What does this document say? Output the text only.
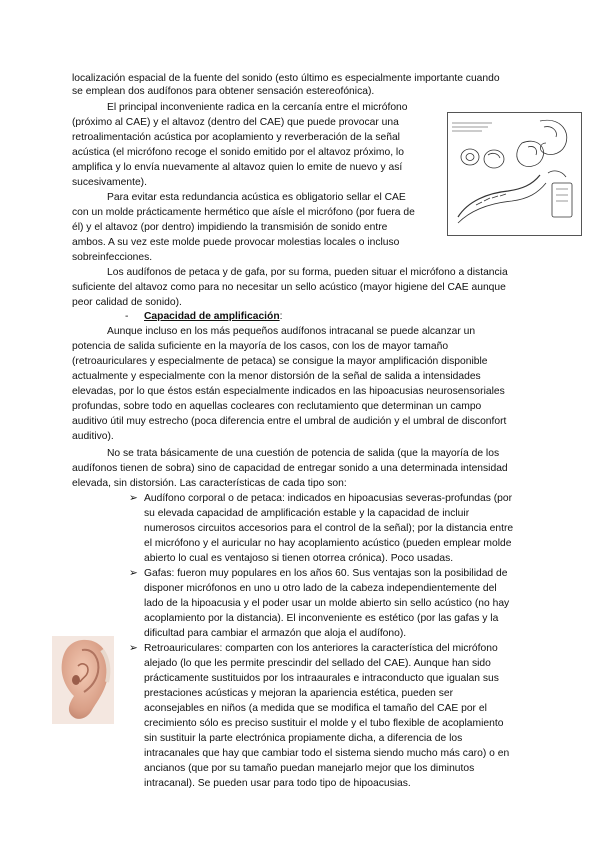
localización espacial de la fuente del sonido (esto último es especialmente importante cuando
se emplean dos audífonos para obtener sensación estereofónica).
El principal inconveniente radica en la cercanía entre el micrófono
(próximo al CAE) y el altavoz (dentro del CAE) que puede provocar una
retroalimentación acústica por acoplamiento y reverberación de la señal
acústica (el micrófono recoge el sonido emitido por el altavoz próximo, lo
amplifica y lo envía nuevamente al altavoz quien lo emite de nuevo y así
sucesivamente).
Para evitar esta redundancia acústica es obligatorio sellar el CAE
con un molde prácticamente hermético que aísle el micrófono (por fuera de
él) y el altavoz (por dentro) impidiendo la transmisión de sonido entre
ambos. A su vez este molde puede provocar molestias locales o incluso
sobreinfecciones.
Los audífonos de petaca y de gafa, por su forma, pueden situar el micrófono a distancia
suficiente del altavoz como para no necesitar un sello acústico (mayor higiene del CAE aunque
peor calidad de sonido).
- Capacidad de amplificación:
Aunque incluso en los más pequeños audífonos intracanal se puede alcanzar un
potencia de salida suficiente en la mayoría de los casos, con los de mayor tamaño
(retroauriculares y especialmente de petaca) se consigue la mayor amplificación disponible
actualmente y especialmente con la menor distorsión de la señal de salida a intensidades
elevadas, por lo que éstos están especialmente indicados en las hipoacusias neurosensoriales
profundas, sobre todo en aquellas cocleares con reclutamiento que determinan un campo
auditivo útil muy estrecho (poca diferencia entre el umbral de audición y el umbral de disconfort
auditivo).
No se trata básicamente de una cuestión de potencia de salida (que la mayoría de los
audífonos tienen de sobra) sino de capacidad de entregar sonido a una determinada intensidad
elevada, sin distorsión. Las características de cada tipo son:
➢ Audífono corporal o de petaca: indicados en hipoacusias severas-profundas (por
su elevada capacidad de amplificación estable y la capacidad de incluir
numerosos circuitos accesorios para el control de la señal); por la distancia entre
el micrófono y el auricular no hay acoplamiento acústico (pueden emplear molde
abierto lo cual es ventajoso si tienen otorrea crónica). Poco usadas.
➢ Gafas: fueron muy populares en los años 60. Sus ventajas son la posibilidad de
disponer micrófonos en uno u otro lado de la cabeza independientemente del
lado de la hipoacusia y el poder usar un molde abierto sin sello acústico (no hay
acoplamiento por la distancia). El inconveniente es estético (por las gafas y la
dificultad para cambiar el armazón que aloja el audífono).
➢ Retroauriculares: comparten con los anteriores la característica del micrófono
alejado (lo que les permite prescindir del sellado del CAE). Aunque han sido
prácticamente sustituidos por los intraaurales e intraconducto que igualan sus
prestaciones acústicas y mejoran la apariencia estética, pueden ser
aconsejables en niños (a medida que se modifica el tamaño del CAE por el
crecimiento sólo es preciso sustituir el molde y el tubo flexible de acoplamiento
sin sustituir la parte electrónica propiamente dicha, a diferencia de los
intracanales que hay que cambiar todo el sistema siendo mucho más caro) o en
ancianos (que por su tamaño puedan manejarlo mejor que los diminutos
intracanal). Se pueden usar para todo tipo de hipoacusias.
